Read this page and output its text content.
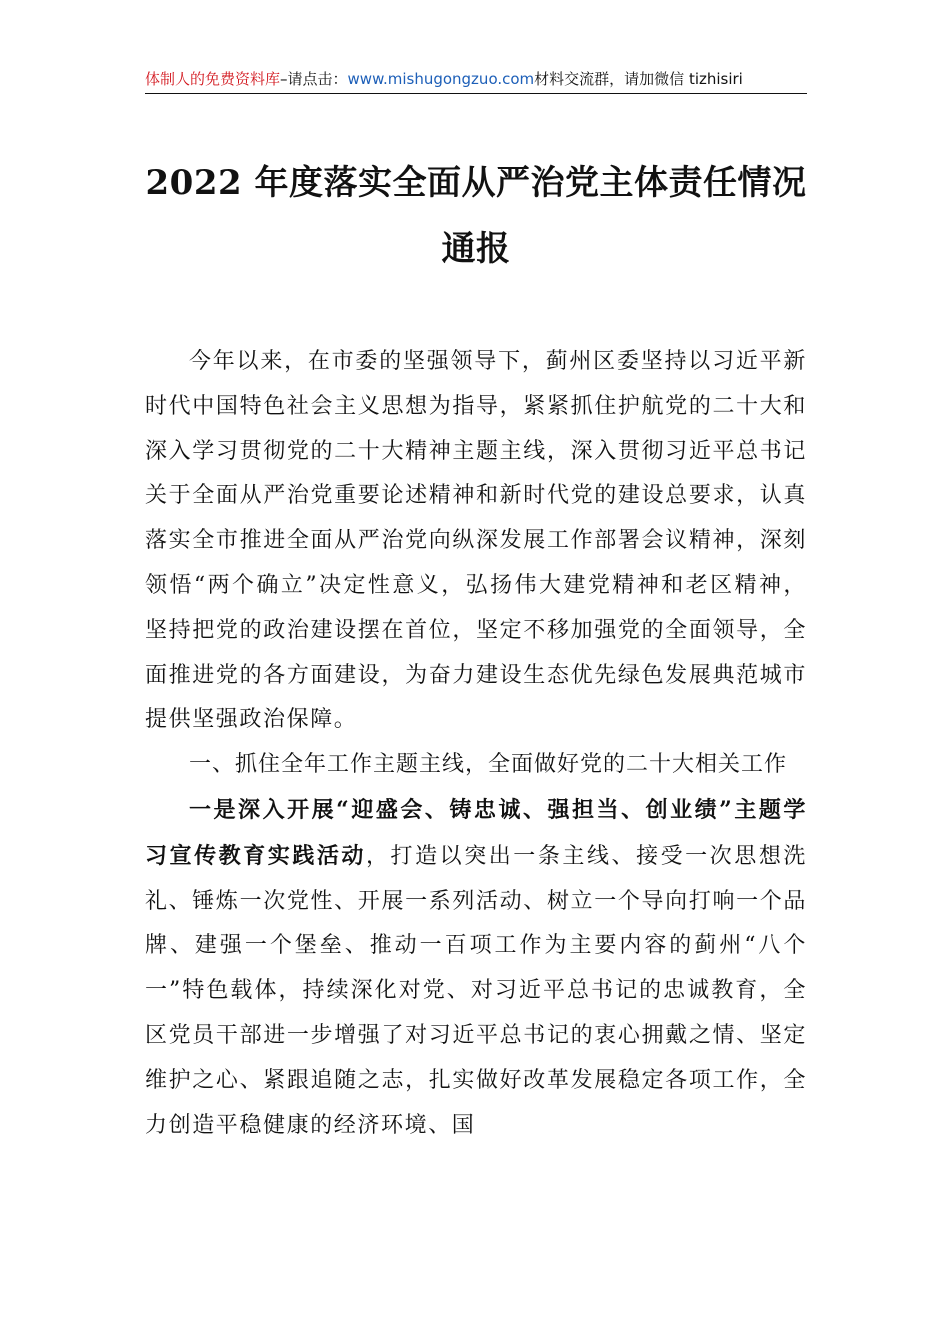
体制人的免费资料库–请点击：www.mishugongzuo.com材料交流群，请加微信 tizhisiri
2022 年度落实全面从严治党主体责任情况
通报

今年以来，在市委的坚强领导下，蓟州区委坚持以习近平新时代中国特色社会主义思想为指导，紧紧抓住护航党的二十大和深入学习贯彻党的二十大精神主题主线，深入贯彻习近平总书记关于全面从严治党重要论述精神和新时代党的建设总要求，认真落实全市推进全面从严治党向纵深发展工作部署会议精神，深刻领悟“两个确立”决定性意义，弘扬伟大建党精神和老区精神，坚持把党的政治建设摆在首位，坚定不移加强党的全面领导，全面推进党的各方面建设，为奋力建设生态优先绿色发展典范城市提供坚强政治保障。

一、抓住全年工作主题主线，全面做好党的二十大相关工作

一是深入开展“迎盛会、铸忠诚、强担当、创业绩”主题学习宣传教育实践活动，打造以突出一条主线、接受一次思想洗礼、锤炼一次党性、开展一系列活动、树立一个导向打响一个品牌、建强一个堡垒、推动一百项工作为主要内容的蓟州“八个一”特色载体，持续深化对党、对习近平总书记的忠诚教育，全区党员干部进一步增强了对习近平总书记的衷心拥戴之情、坚定维护之心、紧跟追随之志，扎实做好改革发展稳定各项工作，全力创造平稳健康的经济环境、国
